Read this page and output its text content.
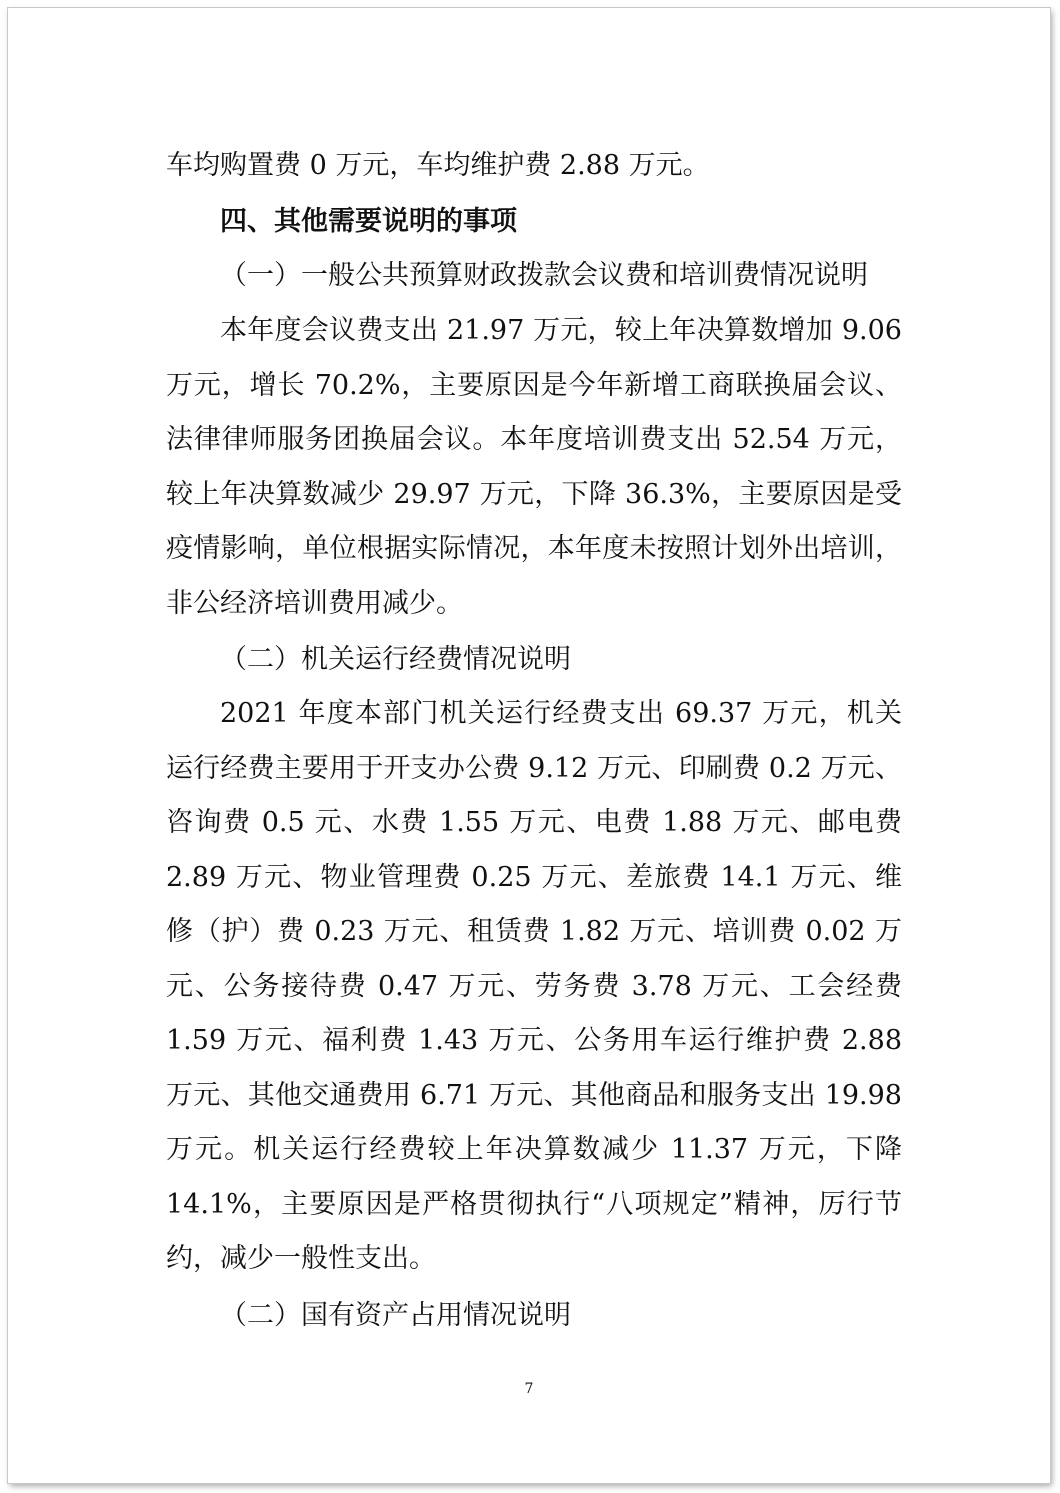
车均购置费 0 万元，车均维护费 2.88 万元。

四、其他需要说明的事项

（一）一般公共预算财政拨款会议费和培训费情况说明

本年度会议费支出 21.97 万元，较上年决算数增加 9.06 万元，增长 70.2%，主要原因是今年新增工商联换届会议、法律律师服务团换届会议。本年度培训费支出 52.54 万元，较上年决算数减少 29.97 万元，下降 36.3%，主要原因是受疫情影响，单位根据实际情况，本年度未按照计划外出培训，非公经济培训费用减少。

（二）机关运行经费情况说明

2021 年度本部门机关运行经费支出 69.37 万元，机关运行经费主要用于开支办公费 9.12 万元、印刷费 0.2 万元、咨询费 0.5 元、水费 1.55 万元、电费 1.88 万元、邮电费 2.89 万元、物业管理费 0.25 万元、差旅费 14.1 万元、维修（护）费 0.23 万元、租赁费 1.82 万元、培训费 0.02 万元、公务接待费 0.47 万元、劳务费 3.78 万元、工会经费 1.59 万元、福利费 1.43 万元、公务用车运行维护费 2.88 万元、其他交通费用 6.71 万元、其他商品和服务支出 19.98 万元。机关运行经费较上年决算数减少 11.37 万元，下降 14.1%，主要原因是严格贯彻执行“八项规定”精神，厉行节约，减少一般性支出。

（二）国有资产占用情况说明

7
